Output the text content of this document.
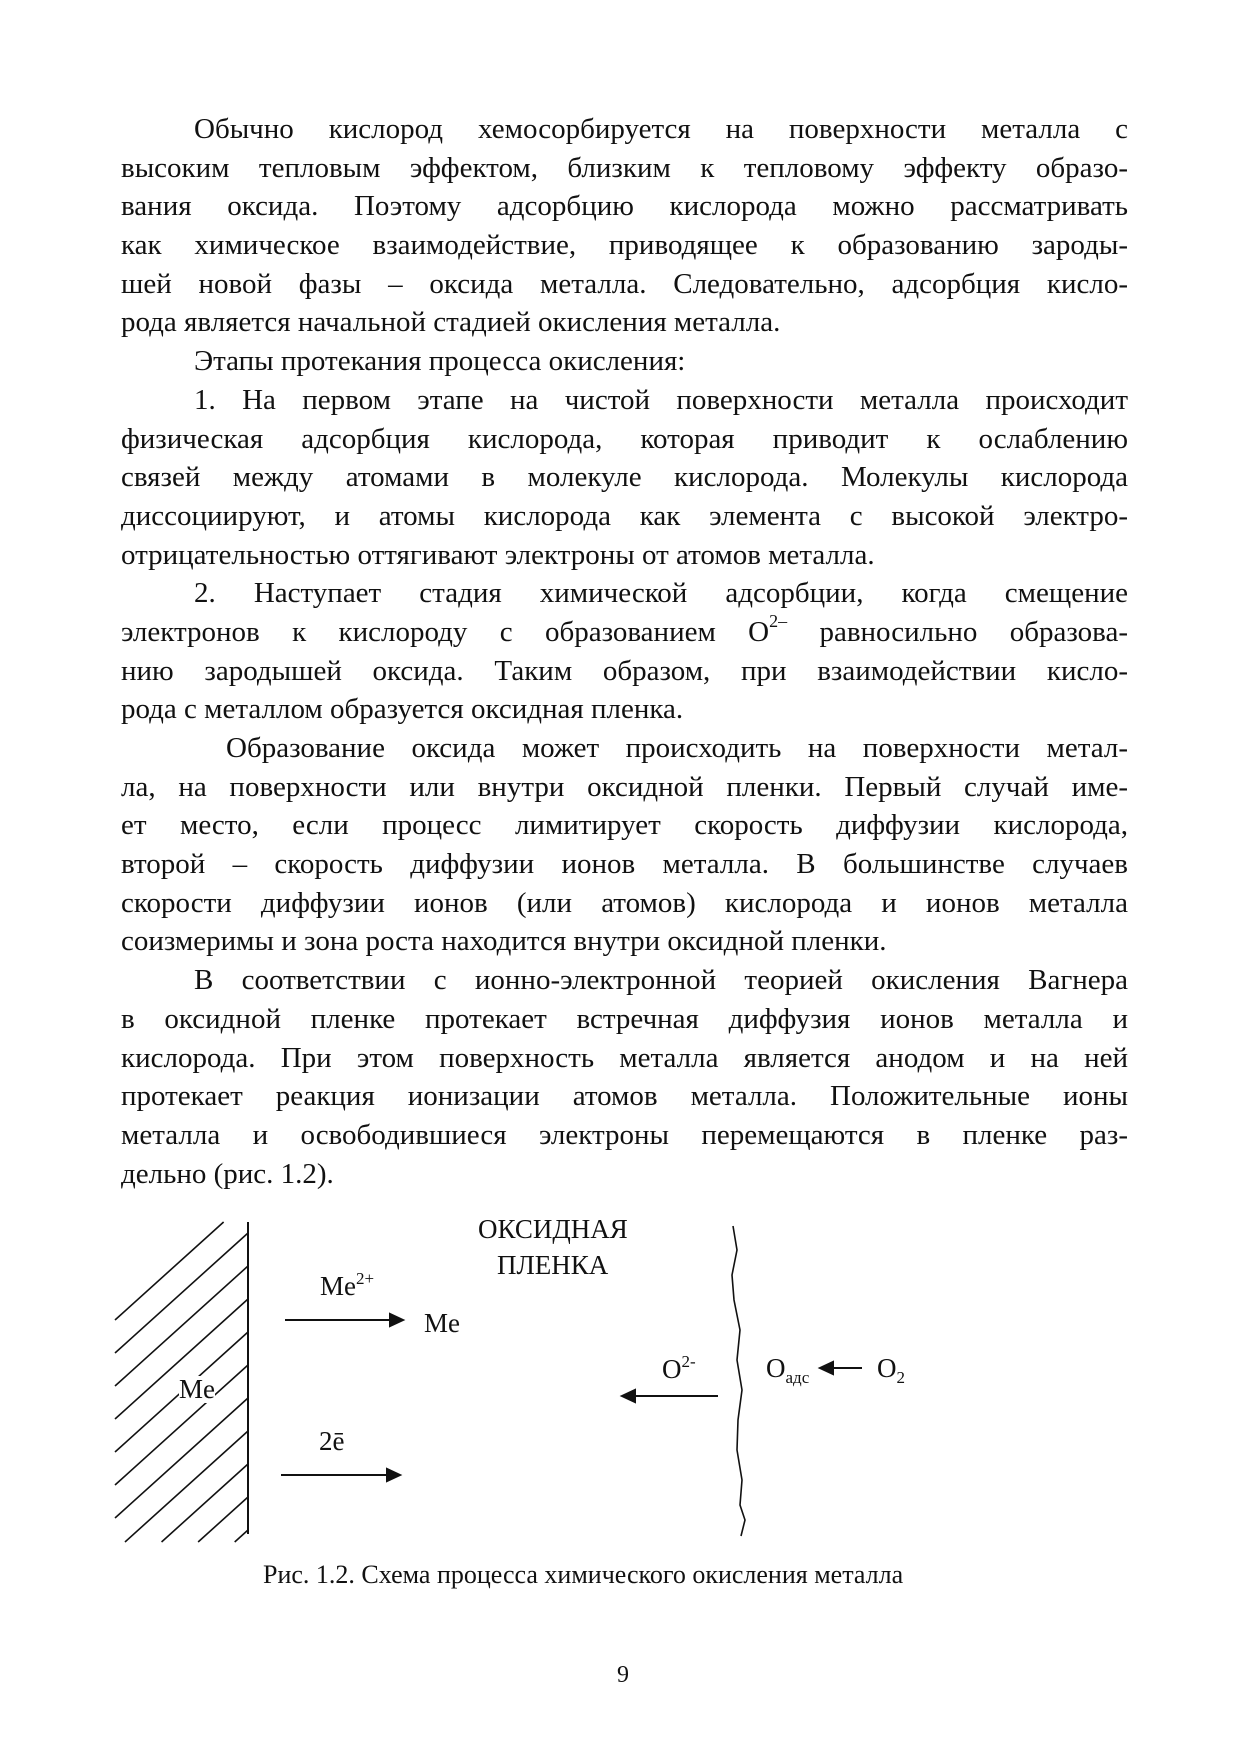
Обычно кислород хемосорбируется на поверхности металла с
высоким тепловым эффектом, близким к тепловому эффекту образо-
вания оксида. Поэтому адсорбцию кислорода можно рассматривать
как химическое взаимодействие, приводящее к образованию зароды-
шей новой фазы – оксида металла. Следовательно, адсорбция кисло-
рода является начальной стадией окисления металла.
Этапы протекания процесса окисления:
1. На первом этапе на чистой поверхности металла происходит
физическая адсорбция кислорода, которая приводит к ослаблению
связей между атомами в молекуле кислорода. Молекулы кислорода
диссоциируют, и атомы кислорода как элемента с высокой электро-
отрицательностью оттягивают электроны от атомов металла.
2. Наступает стадия химической адсорбции, когда смещение
электронов к кислороду с образованием $O^{2-}$ равносильно образова-
нию зародышей оксида. Таким образом, при взаимодействии кисло-
рода с металлом образуется оксидная пленка.
Образование оксида может происходить на поверхности метал-
ла, на поверхности или внутри оксидной пленки. Первый случай име-
ет место, если процесс лимитирует скорость диффузии кислорода,
второй – скорость диффузии ионов металла. В большинстве случаев
скорости диффузии ионов (или атомов) кислорода и ионов металла
соизмеримы и зона роста находится внутри оксидной пленки.
В соответствии с ионно-электронной теорией окисления Вагнера
в оксидной пленке протекает встречная диффузия ионов металла и
кислорода. При этом поверхность металла является анодом и на ней
протекает реакция ионизации атомов металла. Положительные ионы
металла и освободившиеся электроны перемещаются в пленке раз-
дельно (рис. 1.2).
ОКСИДНАЯ
ПЛЕНКА
$Me^{2+}$
Me
Me
2ē
$O^{2-}$	$O_{адс}$	$O_2$
Рис. 1.2. Схема процесса химического окисления металла
9
